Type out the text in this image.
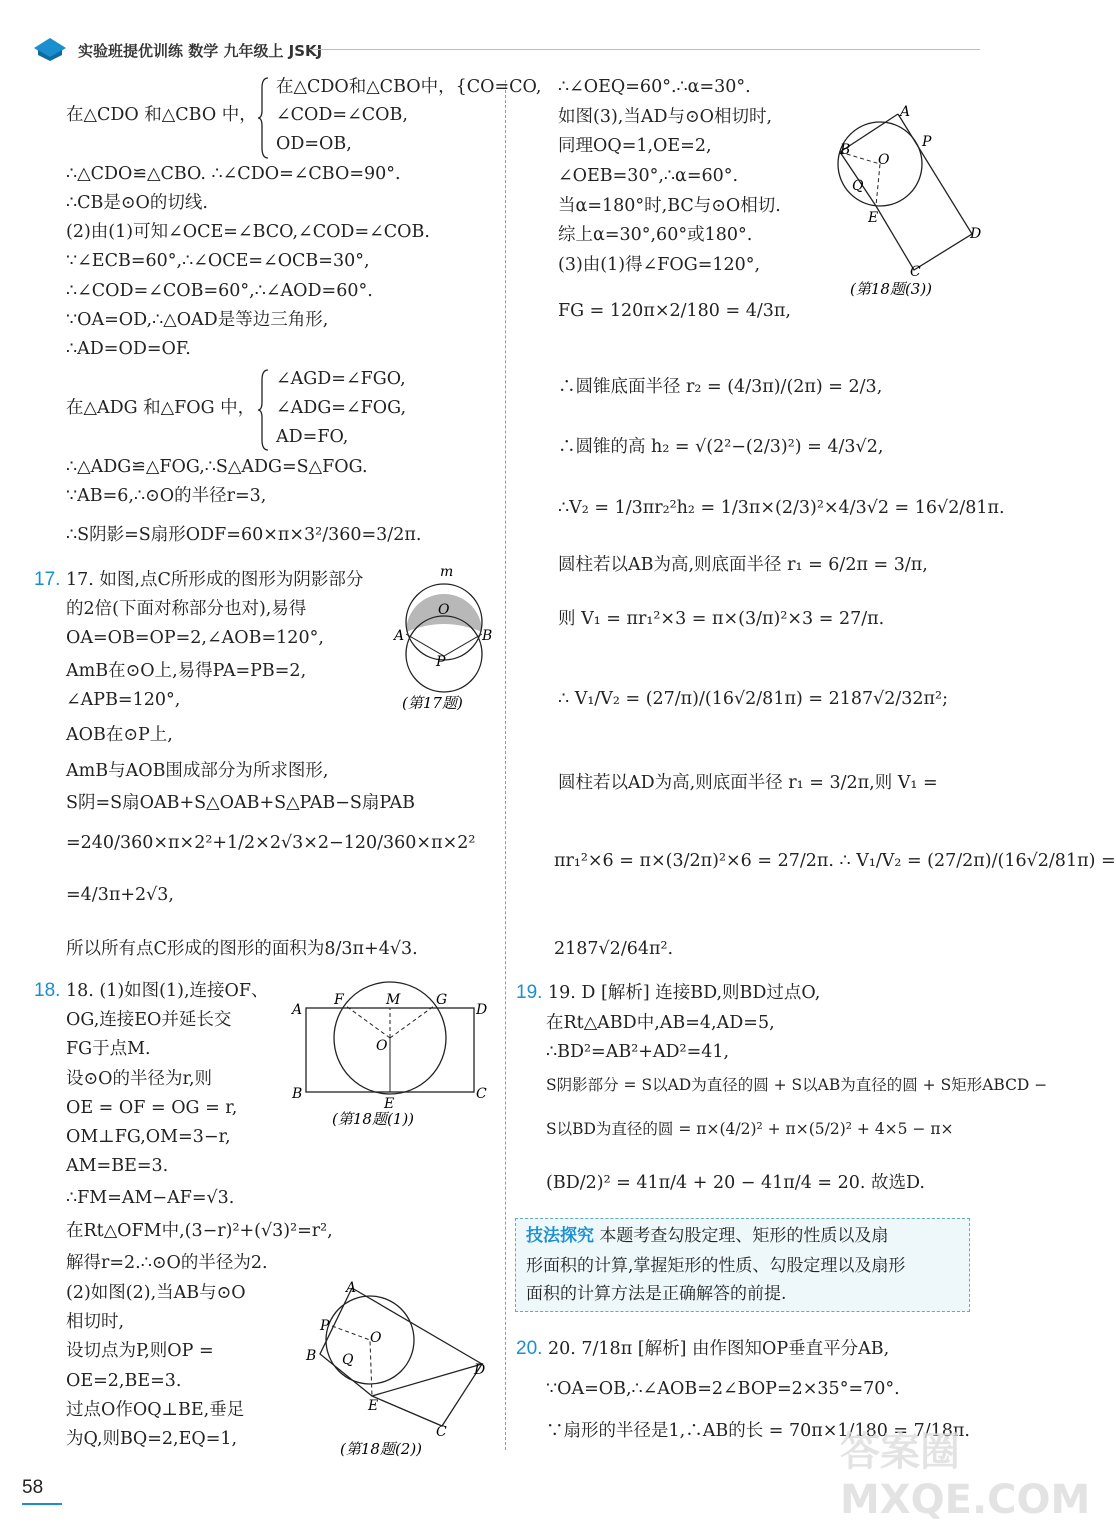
实验班提优训练 数学 九年级上 JSKJ
在△CDO 和△CBO 中，
在△CDO和△CBO中，{CO=CO,
∠COD=∠COB,
OD=OB,
∴△CDO≌△CBO. ∴∠CDO=∠CBO=90°.
∴CB是⊙O的切线.
(2)由(1)可知∠OCE=∠BCO,∠COD=∠COB.
∵∠ECB=60°,∴∠OCE=∠OCB=30°,
∴∠COD=∠COB=60°,∴∠AOD=60°.
∵OA=OD,∴△OAD是等边三角形,
∴AD=OD=OF.
在△ADG 和△FOG 中，
∠AGD=∠FGO,
∠ADG=∠FOG,
AD=FO,
∴△ADG≌△FOG,∴S△ADG=S△FOG.
∵AB=6,∴⊙O的半径r=3,
∴S阴影=S扇形ODF=60×π×3²/360=3/2π.
17. 17. 如图,点C所形成的图形为阴影部分
的2倍(下面对称部分也对),易得
OA=OB=OP=2,∠AOB=120°,
AmB在⊙O上,易得PA=PB=2,
∠APB=120°,
AOB在⊙P上,
AmB与AOB围成部分为所求图形,
S阴=S扇OAB+S△OAB+S△PAB−S扇PAB
=240/360×π×2²+1/2×2√3×2−120/360×π×2²
=4/3π+2√3,
所以所有点C形成的图形的面积为8/3π+4√3.
m
O
A	B
P
(第17题)
18. 18. (1)如图(1),连接OF、
OG,连接EO并延长交
FG于点M.
设⊙O的半径为r,则
OE = OF = OG = r,
OM⊥FG,OM=3−r,
AM=BE=3.
∴FM=AM−AF=√3.
在Rt△OFM中,(3−r)²+(√3)²=r²,
解得r=2.∴⊙O的半径为2.
(2)如图(2),当AB与⊙O
相切时,
设切点为P,则OP =
OE=2,BE=3.
过点O作OQ⊥BE,垂足
为Q,则BQ=2,EQ=1,
F	M	G
A	D
O
B
E
C
(第18题(1))
A
P
O
B Q
E
D
C
(第18题(2))
∴∠OEQ=60°.∴α=30°.
如图(3),当AD与⊙O相切时,
同理OQ=1,OE=2,
∠OEB=30°,∴α=60°.
当α=180°时,BC与⊙O相切.
综上α=30°,60°或180°.
(3)由(1)得∠FOG=120°,
FG = 120π×2/180 = 4/3π,
∴圆锥底面半径 r₂ = (4/3π)/(2π) = 2/3,
∴圆锥的高 h₂ = √(2²−(2/3)²) = 4/3√2,
∴V₂ = 1/3πr₂²h₂ = 1/3π×(2/3)²×4/3√2 = 16√2/81π.
圆柱若以AB为高,则底面半径 r₁ = 6/2π = 3/π,
则 V₁ = πr₁²×3 = π×(3/π)²×3 = 27/π.
∴ V₁/V₂ = (27/π)/(16√2/81π) = 2187√2/32π²;
圆柱若以AD为高,则底面半径 r₁ = 3/2π,则 V₁ =
πr₁²×6 = π×(3/2π)²×6 = 27/2π. ∴ V₁/V₂ = (27/2π)/(16√2/81π) =
2187√2/64π².
A
P
B
O
Q
E
D
C
(第18题(3))
19. 19. D [解析] 连接BD,则BD过点O,
在Rt△ABD中,AB=4,AD=5,
∴BD²=AB²+AD²=41,
S阴影部分 = S以AD为直径的圆 + S以AB为直径的圆 + S矩形ABCD −
S以BD为直径的圆 = π×(4/2)² + π×(5/2)² + 4×5 − π×
(BD/2)² = 41π/4 + 20 − 41π/4 = 20. 故选D.
20. 20. 7/18π [解析] 由作图知OP垂直平分AB,
∵OA=OB,∴∠AOB=2∠BOP=2×35°=70°.
∵扇形的半径是1,∴AB的长 = 70π×1/180 = 7/18π.
技法探究 本题考查勾股定理、矩形的性质以及扇
形面积的计算,掌握矩形的性质、勾股定理以及扇形
面积的计算方法是正确解答的前提.
58
答案圈 MXQE.COM
